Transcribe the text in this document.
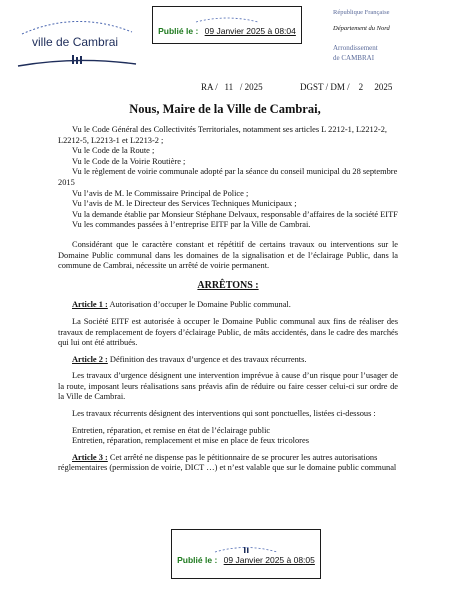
ville de Cambrai
Publié le : 09 Janvier 2025 à 08:04
République Française
Département du Nord
Arrondissement
de CAMBRAI
RA /   11   / 2025	DGST / DM /    2     2025
Nous, Maire de la Ville de Cambrai,

Vu le Code Général des Collectivités Territoriales, notamment ses articles L 2212-1, L2212-2, L2212-5, L2213-1 et L2213-2 ;

Vu le Code de la Route ;

Vu le Code de la Voirie Routière ;

Vu le règlement de voirie communale adopté par la séance du conseil municipal du 28 septembre 2015

Vu l’avis de M. le Commissaire Principal de Police ;

Vu l’avis de M. le Directeur des Services Techniques Municipaux ;

Vu la demande établie par Monsieur Stéphane Delvaux, responsable d’affaires de la société EITF

Vu les commandes passées à l’entreprise EITF par la Ville de Cambrai.

Considérant que le caractère constant et répétitif de certains travaux ou interventions sur le Domaine Public communal dans les domaines de la signalisation et de l’éclairage Public, dans la commune de Cambrai, nécessite un arrêté de voirie permanent.

ARRÊTONS :

Article 1 : Autorisation d’occuper le Domaine Public communal.

La Société EITF est autorisée à occuper le Domaine Public communal aux fins de réaliser des travaux de remplacement de foyers d’éclairage Public, de mâts accidentés, dans le cadre des marchés qui lui ont été attribués.

Article 2 : Définition des travaux d’urgence et des travaux récurrents.

Les travaux d’urgence désignent une intervention imprévue à cause d’un risque pour l’usager de la route, imposant leurs réalisations sans préavis afin de réduire ou faire cesser celui-ci sur ordre de la Ville de Cambrai.

Les travaux récurrents désignent des interventions qui sont ponctuelles, listées ci-dessous :

Entretien, réparation, et remise en état de l’éclairage public

Entretien, réparation, remplacement et mise en place de feux tricolores

Article 3 : Cet arrêté ne dispense pas le pétitionnaire de se procurer les autres autorisations réglementaires (permission de voirie, DICT …) et n’est valable que sur le domaine public communal

Publié le : 09 Janvier 2025 à 08:05
